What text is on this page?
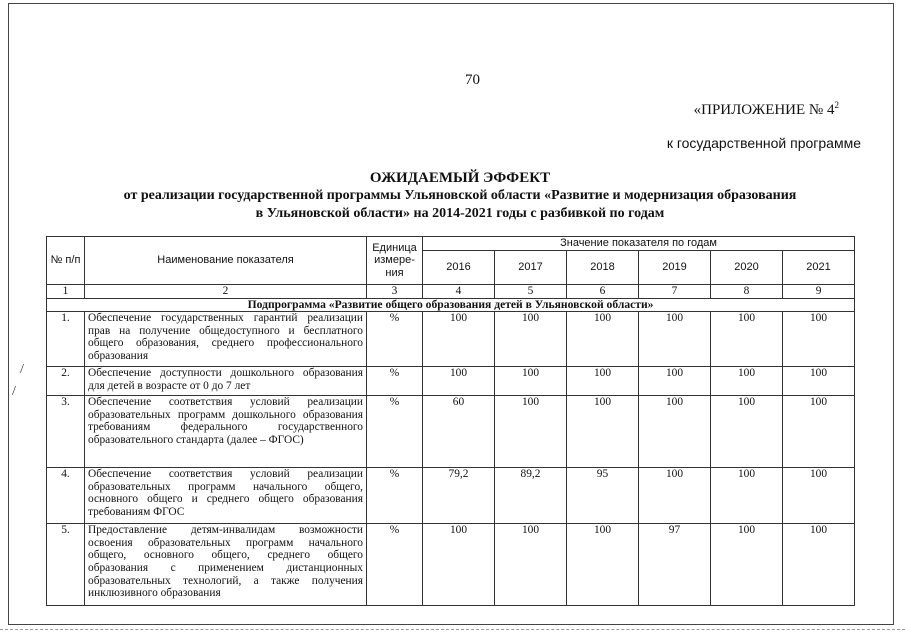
70
«ПРИЛОЖЕНИЕ № $4^2$
к государственной программе
ОЖИДАЕМЫЙ ЭФФЕКТ
от реализации государственной программы Ульяновской области «Развитие и модернизация образования
в Ульяновской области» на 2014-2021 годы с разбивкой по годам
/
/
№ п/п	Наименование показателя	Единица измере-ния	Значение показателя по годам					
			2016	2017	2018	2019	2020	2021
1	2	3	4	5	6	7	8	9
Подпрограмма «Развитие общего образования детей в Ульяновской области»								
1.	Обеспечение государственных гарантий реализации прав на получение общедоступного и бесплатного общего образования, среднего профессионального образования	%	100	100	100	100	100	100
2.	Обеспечение доступности дошкольного образования для детей в возрасте от 0 до 7 лет	%	100	100	100	100	100	100
3.	Обеспечение соответствия условий реализации образовательных программ дошкольного образования требованиям федерального государственного образовательного стандарта (далее – ФГОС)	%	60	100	100	100	100	100
4.	Обеспечение соответствия условий реализации образовательных программ начального общего, основного общего и среднего общего образования требованиям ФГОС	%	79,2	89,2	95	100	100	100
5.	Предоставление детям-инвалидам возможности освоения образовательных программ начального общего, основного общего, среднего общего образования с применением дистанционных образовательных технологий, а также получения инклюзивного образования	%	100	100	100	97	100	100
